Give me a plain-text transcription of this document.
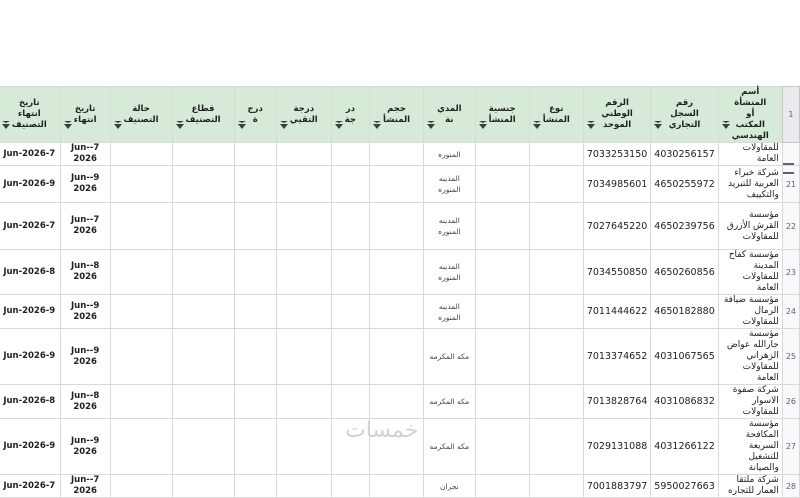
1	أسم المنشأة أو المكتب الهندسي	رقم السجل التجاري	الرقم الوطني الموحد	نوع المنشأ	جنسية المنشأ	المدي نة	حجم المنشأ	در جة	درجة التقيي	درج ة	قطاع التصنيف	حالة التصنيف	تاريخ انتهاء	تاريخ انتهاء التصنيف

	للمقاولات العامة	4030256157	7033253150			المنوره							7-Jun-2026	7-Jun-2026	
21	شركة خبراء العربية للتبريد والتكييف	4650255972	7034985601			المدينه المنوره							9-Jun-2026	9-Jun-2026	
22	مؤسسة القرش الأزرق للمقاولات	4650239756	7027645220			المدينه المنوره							7-Jun-2026	7-Jun-2026	
23	مؤسسة كفاح المدينة للمقاولات العامة	4650260856	7034550850			المدينه المنوره							8-Jun-2026	8-Jun-2026	
24	مؤسسة ضيافة الرمال للمقاولات	4650182880	7011444622			المدينه المنوره							9-Jun-2026	9-Jun-2026	
25	مؤسسة جارالله عواض الزهراني للمقاولات العامة	4031067565	7013374652			مكه المكرمه							9-Jun-2026	9-Jun-2026	
26	شركة صفوة الاسوار للمقاولات	4031086832	7013828764			مكه المكرمه							8-Jun-2026	8-Jun-2026	
27	مؤسسة المكافحة السريعة للتشغيل والصيانة	4031266122	7029131088			مكه المكرمه							9-Jun-2026	9-Jun-2026	
28	شركة ملتقا العمار للتجاره	5950027663	7001883797			نجران							7-Jun-2026	7-Jun-2026	
خمسات
